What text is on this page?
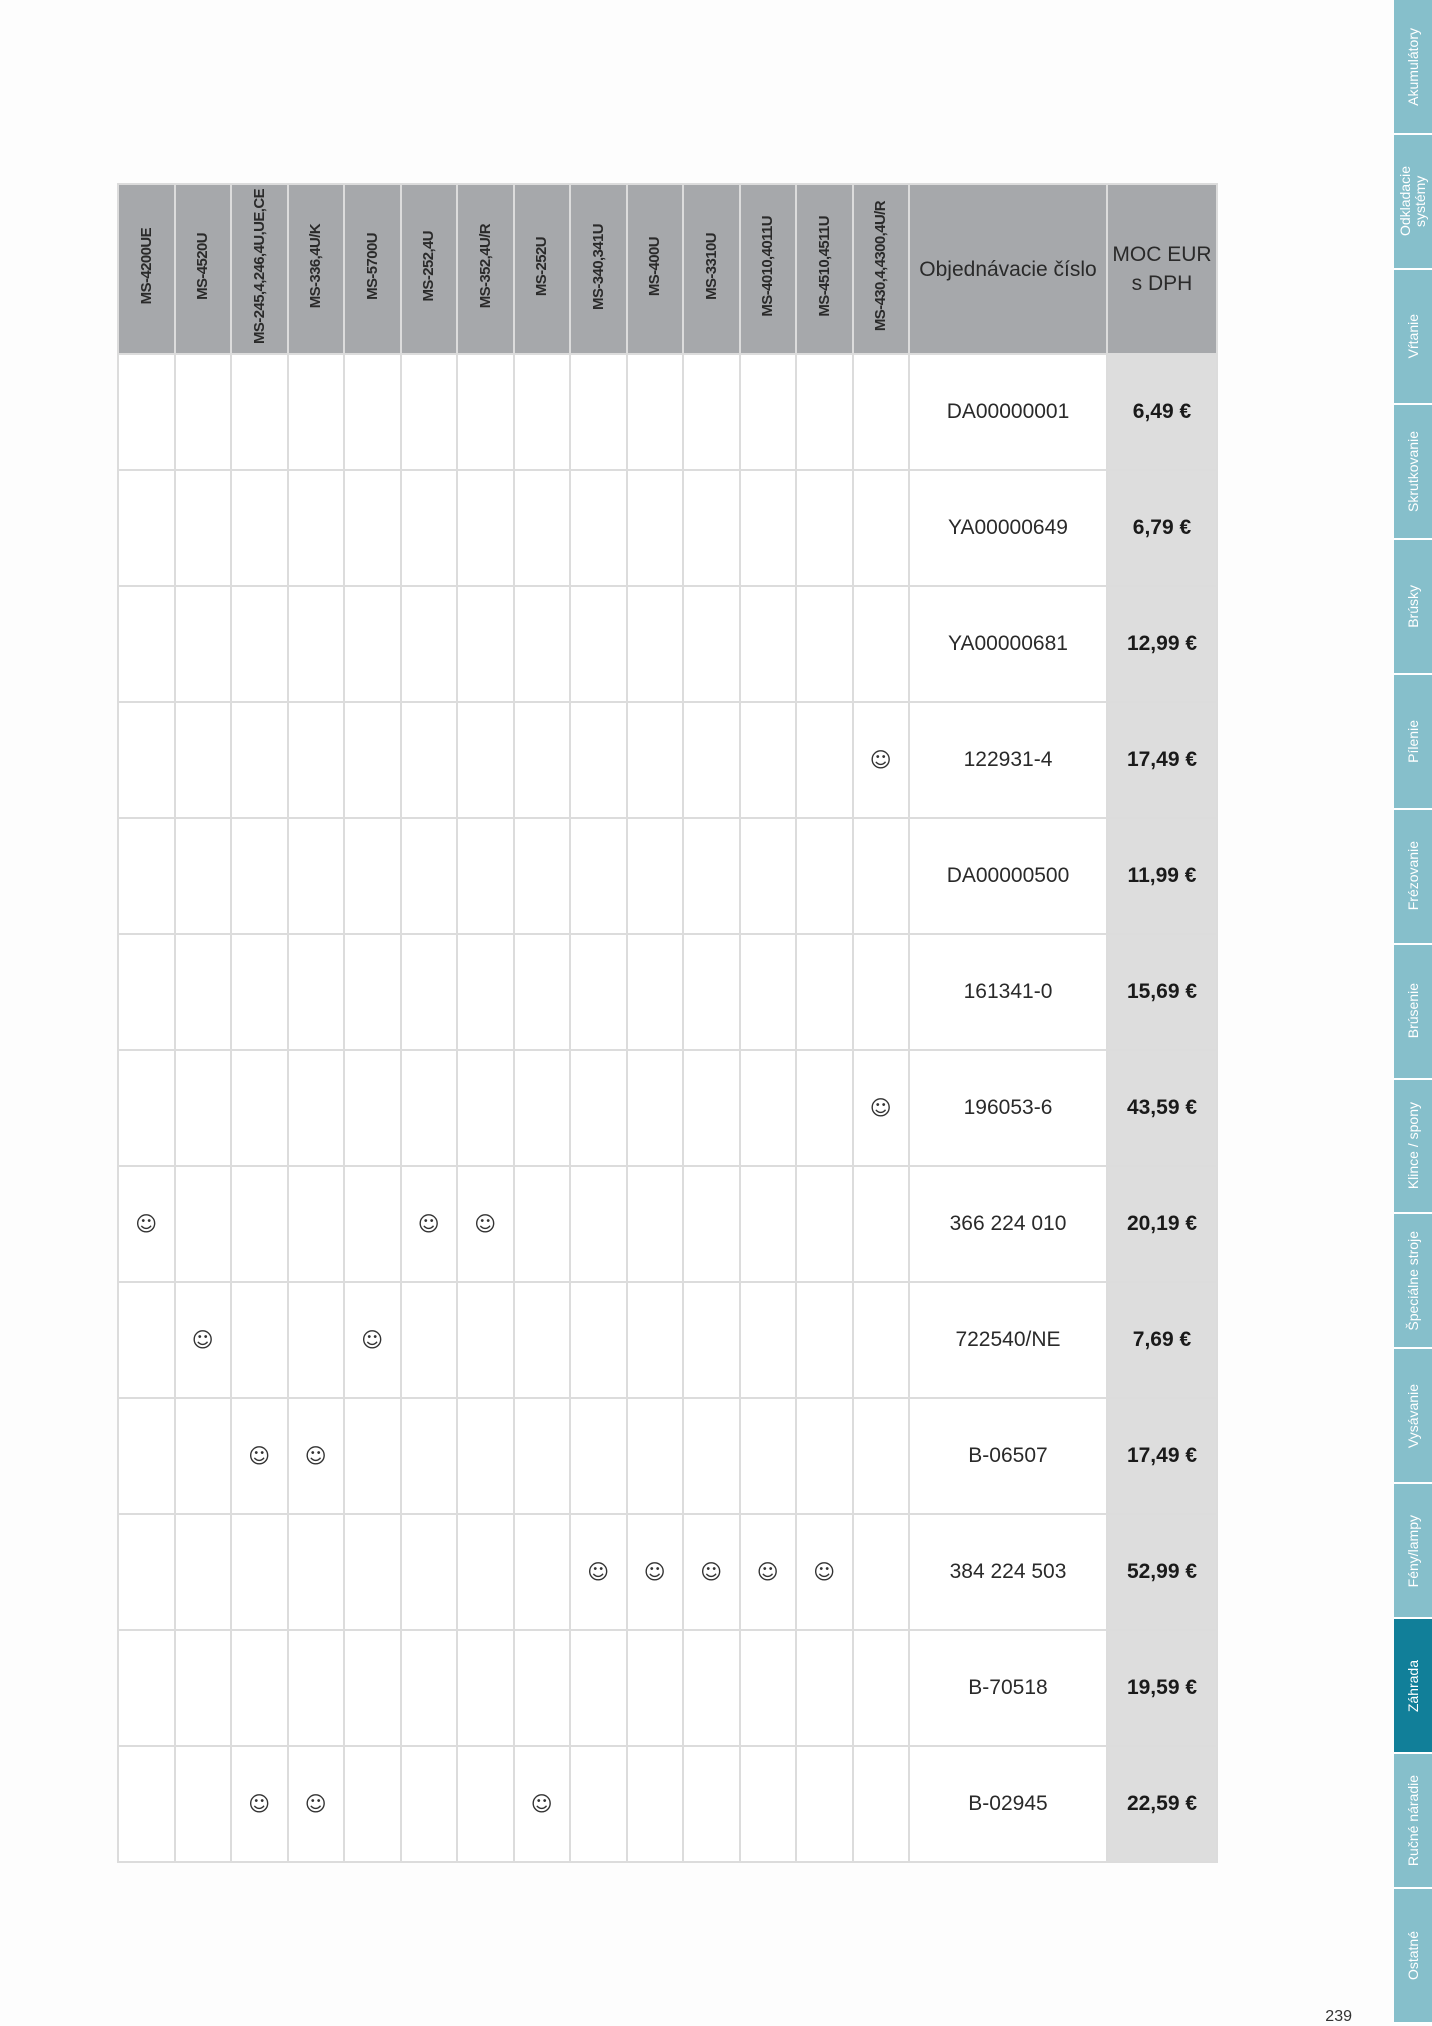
MS-4200UE	MS-4520U	MS-245,4,246,4U,UE,CE	MS-336,4U/K	MS-5700U	MS-252,4U	MS-352,4U/R	MS-252U	MS-340,341U	MS-400U	MS-3310U	MS-4010,4011U	MS-4510,4511U	MS-430,4,4300,4U/R	Objednávacie číslo	MOC EUR
s DPH
														DA00000001	6,49 €
														YA00000649	6,79 €
														YA00000681	12,99 €
													☺	122931-4	17,49 €
														DA00000500	11,99 €
														161341-0	15,69 €
													☺	196053-6	43,59 €
☺					☺	☺								366 224 010	20,19 €
	☺			☺										722540/NE	7,69 €
		☺	☺											B-06507	17,49 €
								☺	☺	☺	☺	☺		384 224 503	52,99 €
														B-70518	19,59 €
		☺	☺				☺							B-02945	22,59 €
Akumulátory
Odkladacie
systémy
Vŕtanie
Skrutkovanie
Brúsky
Pílenie
Frézovanie
Brúsenie
Klince / spony
Špeciálne stroje
Vysávanie
Fény/lampy
Záhrada
Ručné náradie
Ostatné
239
